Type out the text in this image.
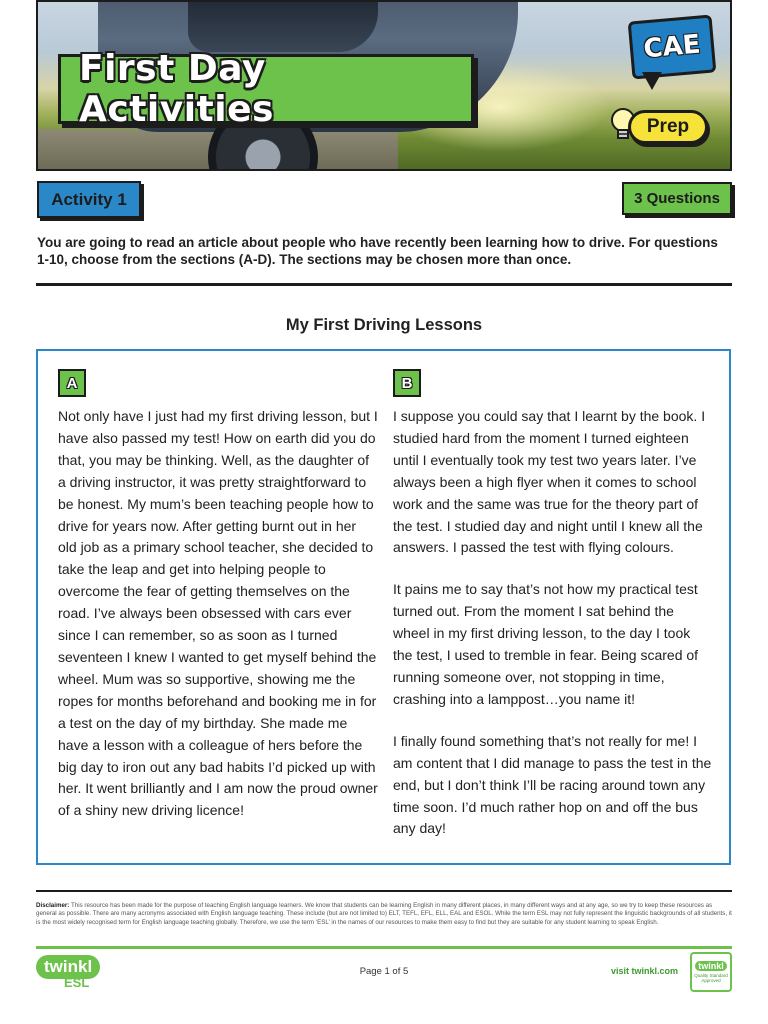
First Day Activities
CAE
Prep
Activity 1	3 Questions

You are going to read an article about people who have recently been learning how to drive. For questions 1-10, choose from the sections (A-D). The sections may be chosen more than once.

My First Driving Lessons
A	B

Not only have I just had my first driving lesson, but I have also passed my test! How on earth did you do that, you may be thinking. Well, as the daughter of a driving instructor, it was pretty straightforward to be honest. My mum’s been teaching people how to drive for years now. After getting burnt out in her old job as a primary school teacher, she decided to take the leap and get into helping people to overcome the fear of getting themselves on the road. I’ve always been obsessed with cars ever since I can remember, so as soon as I turned seventeen I knew I wanted to get myself behind the wheel. Mum was so supportive, showing me the ropes for months beforehand and booking me in for a test on the day of my birthday. She made me have a lesson with a colleague of hers before the big day to iron out any bad habits I’d picked up with her. It went brilliantly and I am now the proud owner of a shiny new driving licence!

I suppose you could say that I learnt by the book. I studied hard from the moment I turned eighteen until I eventually took my test two years later. I’ve always been a high flyer when it comes to school work and the same was true for the theory part of the test. I studied day and night until I knew all the answers. I passed the test with flying colours.

It pains me to say that’s not how my practical test turned out. From the moment I sat behind the wheel in my first driving lesson, to the day I took the test, I used to tremble in fear. Being scared of running someone over, not stopping in time, crashing into a lamppost…you name it!

I finally found something that’s not really for me! I am content that I did manage to pass the test in the end, but I don’t think I’ll be racing around town any time soon. I’d much rather hop on and off the bus any day!

Disclaimer: This resource has been made for the purpose of teaching English language learners. We know that students can be learning English in many different places, in many different ways and at any age, so we try to keep these resources as general as possible. There are many acronyms associated with English language teaching. These include (but are not limited to) ELT, TEFL, EFL, ELL, EAL and ESOL. While the term ESL may not fully represent the linguistic backgrounds of all students, it is the most widely recognised term for English language teaching globally. Therefore, we use the term ‘ESL’ in the names of our resources to make them easy to find but they are suitable for any student learning to speak English.

twinkl
ESL
Page 1 of 5	visit twinkl.com	twinkl
Quality Standard Approved
